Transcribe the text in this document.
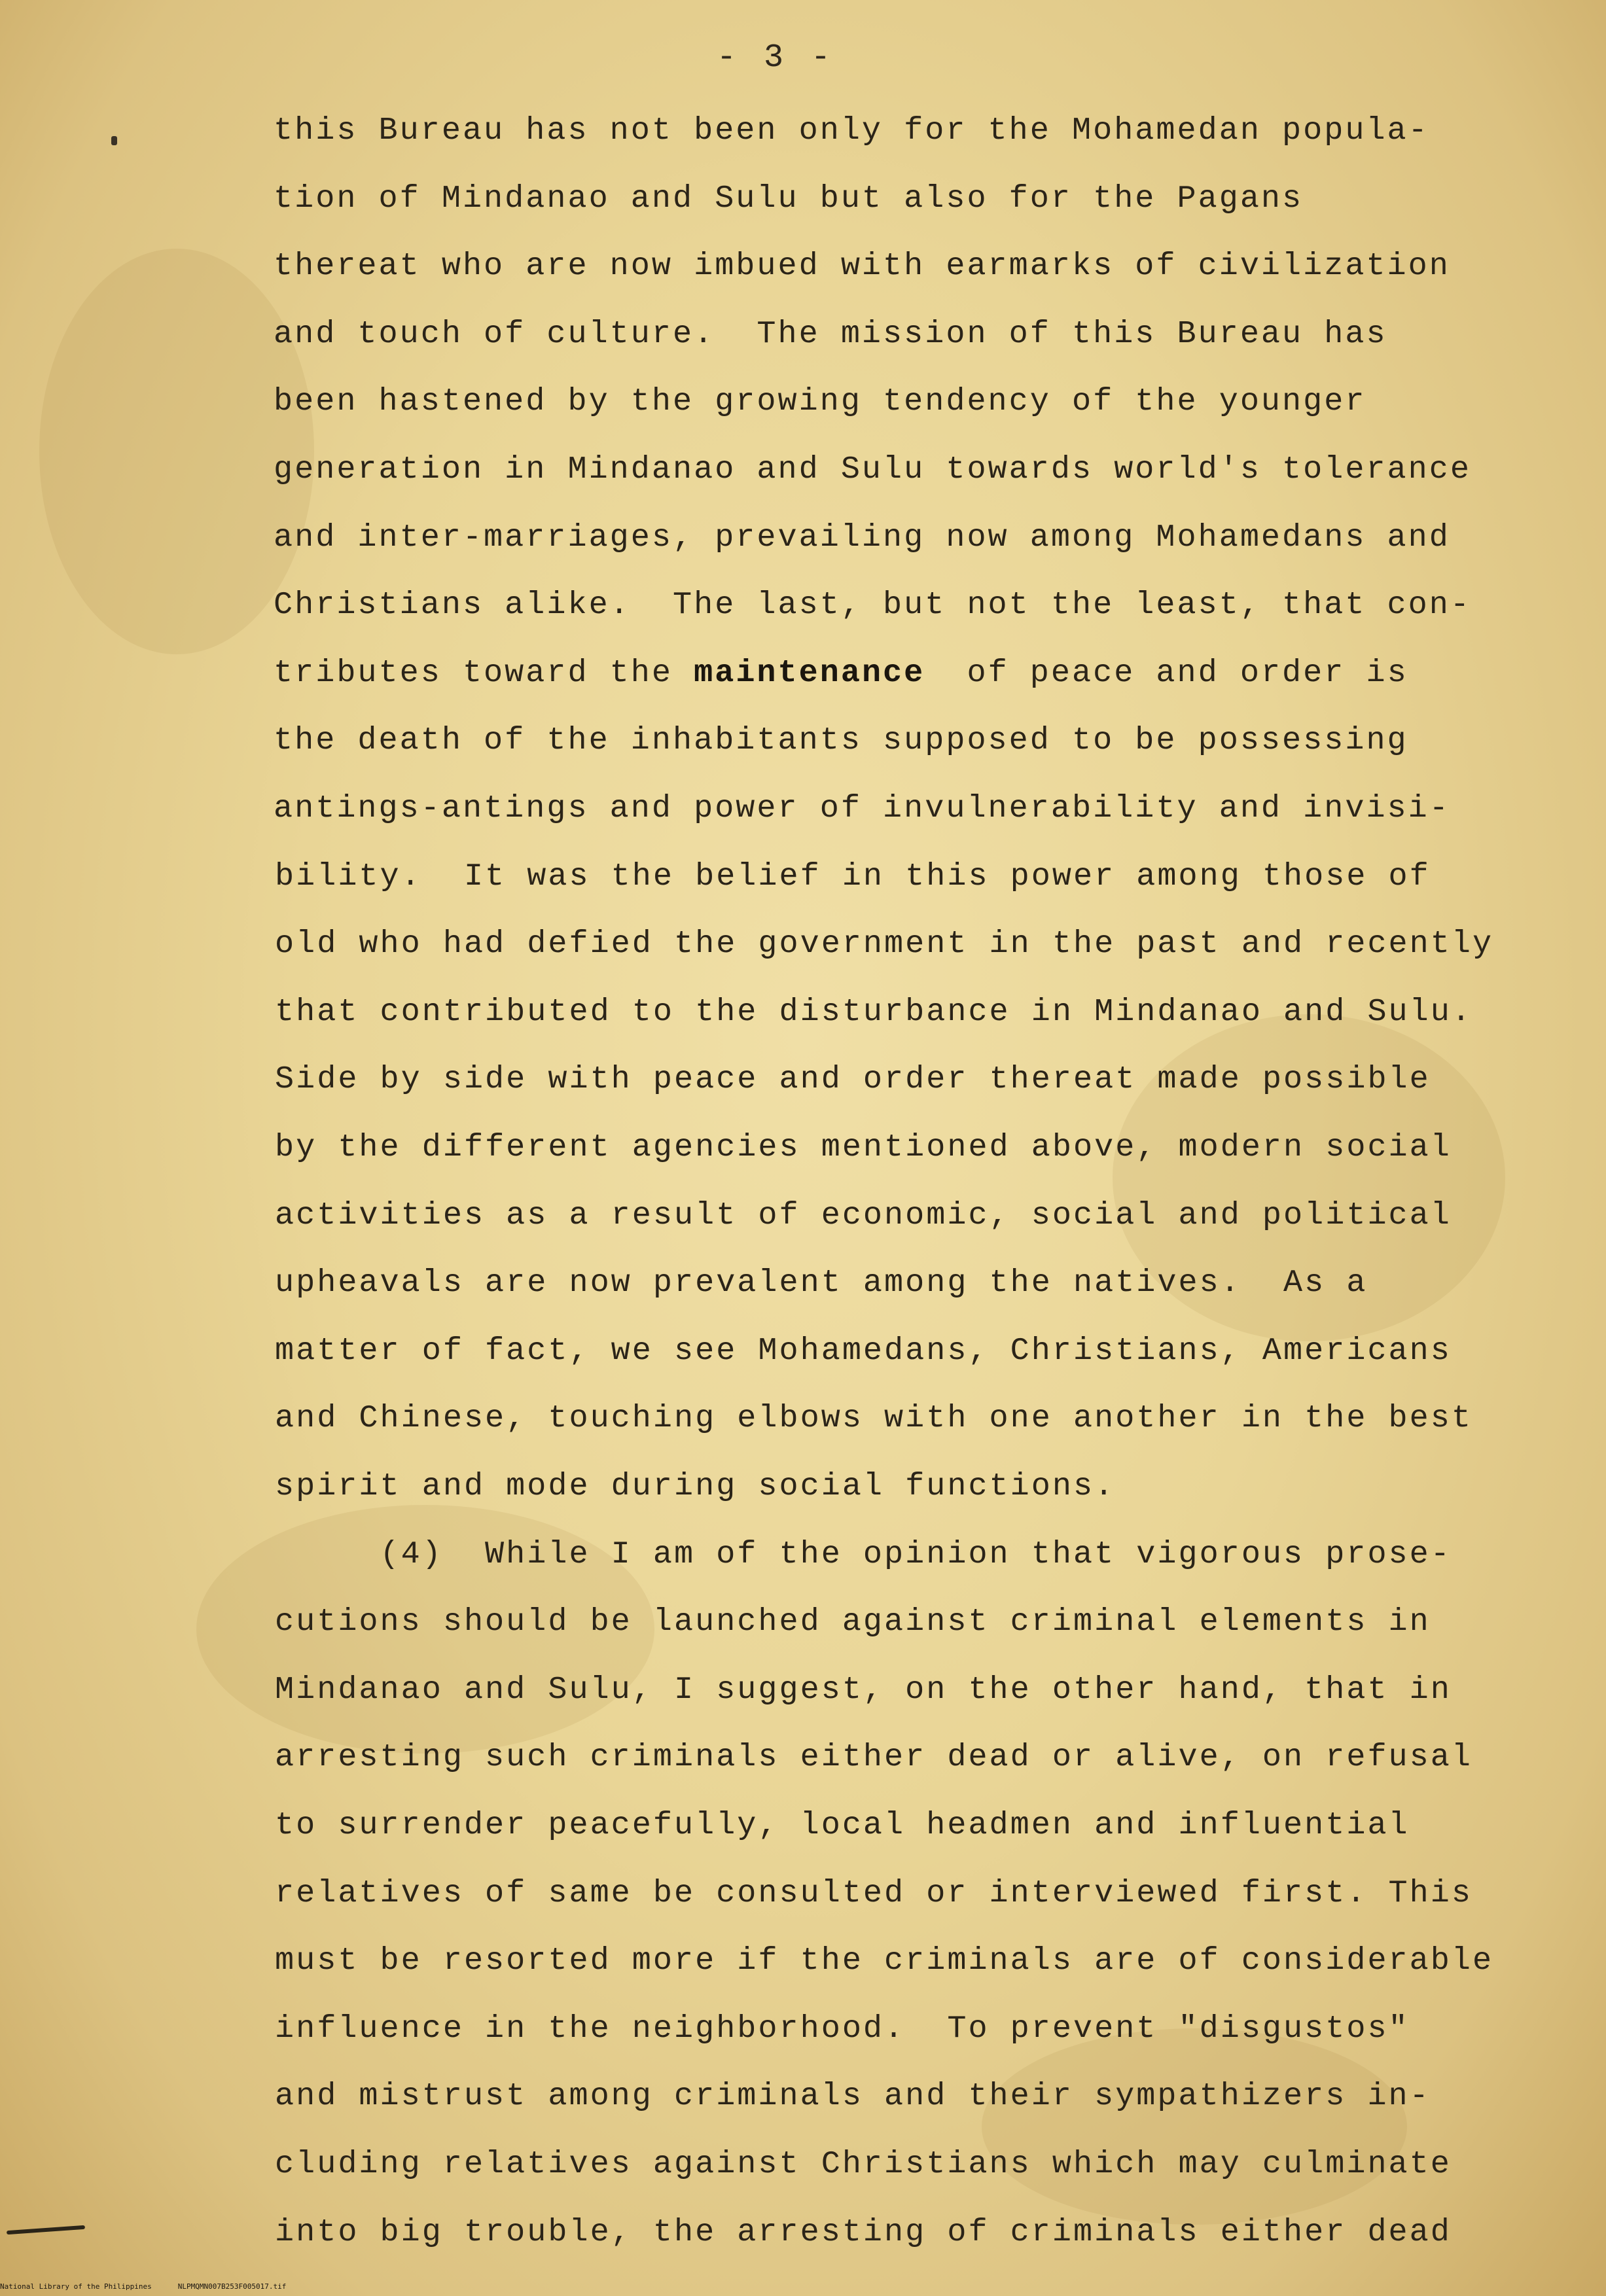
- 3 -
this Bureau has not been only for the Mohamedan popula-
tion of Mindanao and Sulu but also for the Pagans
thereat who are now imbued with earmarks of civilization
and touch of culture.  The mission of this Bureau has
been hastened by the growing tendency of the younger
generation in Mindanao and Sulu towards world's tolerance
and inter-marriages, prevailing now among Mohamedans and
Christians alike.  The last, but not the least, that con-
tributes toward the maintenance  of peace and order is
the death of the inhabitants supposed to be possessing
antings-antings and power of invulnerability and invisi-
bility.  It was the belief in this power among those of
old who had defied the government in the past and recently
that contributed to the disturbance in Mindanao and Sulu.
Side by side with peace and order thereat made possible
by the different agencies mentioned above, modern social
activities as a result of economic, social and political
upheavals are now prevalent among the natives.  As a
matter of fact, we see Mohamedans, Christians, Americans
and Chinese, touching elbows with one another in the best
spirit and mode during social functions.
(4)  While I am of the opinion that vigorous prose-
cutions should be launched against criminal elements in
Mindanao and Sulu, I suggest, on the other hand, that in
arresting such criminals either dead or alive, on refusal
to surrender peacefully, local headmen and influential
relatives of same be consulted or interviewed first. This
must be resorted more if the criminals are of considerable
influence in the neighborhood.  To prevent "disgustos"
and mistrust among criminals and their sympathizers in-
cluding relatives against Christians which may culminate
into big trouble, the arresting of criminals either dead
National Library of the Philippines	NLPMQMN007B253F005017.tif
